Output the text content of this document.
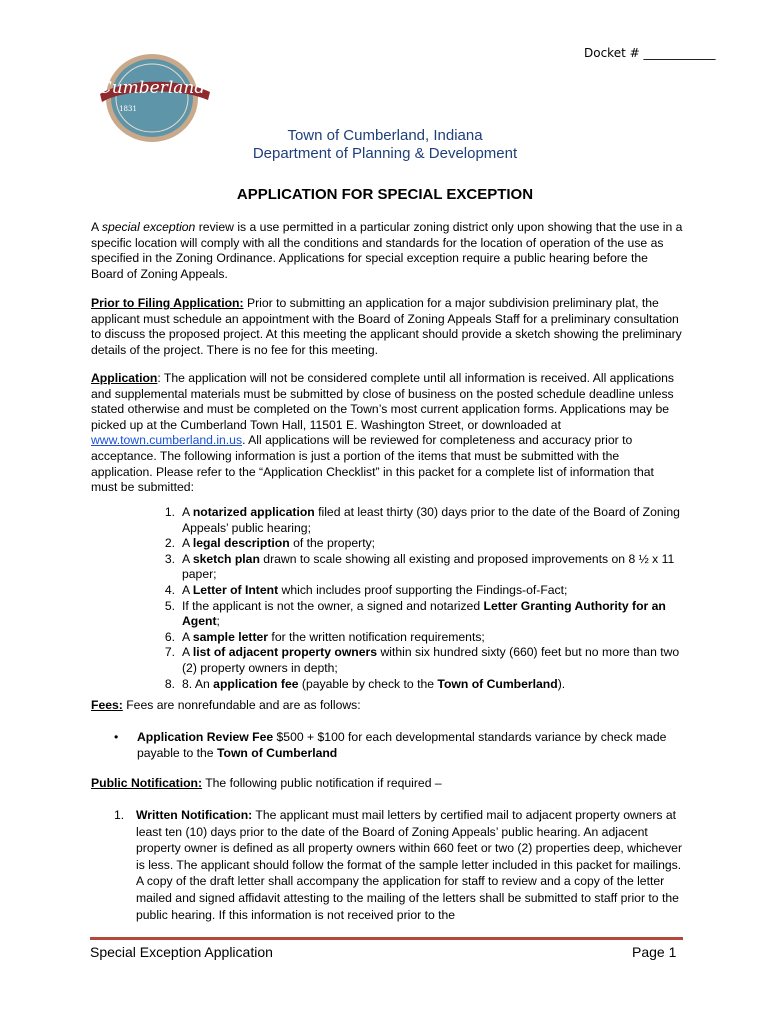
Docket # ____________
Cumberland
1831
Town of Cumberland, Indiana
Department of Planning & Development
APPLICATION FOR SPECIAL EXCEPTION
A special exception review is a use permitted in a particular zoning district only upon showing that the use in a specific location will comply with all the conditions and standards for the location of operation of the use as specified in the Zoning Ordinance. Applications for special exception require a public hearing before the Board of Zoning Appeals.
Prior to Filing Application: Prior to submitting an application for a major subdivision preliminary plat, the applicant must schedule an appointment with the Board of Zoning Appeals Staff for a preliminary consultation to discuss the proposed project. At this meeting the applicant should provide a sketch showing the preliminary details of the project. There is no fee for this meeting.
Application: The application will not be considered complete until all information is received. All applications and supplemental materials must be submitted by close of business on the posted schedule deadline unless stated otherwise and must be completed on the Town’s most current application forms. Applications may be picked up at the Cumberland Town Hall, 11501 E. Washington Street, or downloaded at www.town.cumberland.in.us. All applications will be reviewed for completeness and accuracy prior to acceptance. The following information is just a portion of the items that must be submitted with the application. Please refer to the “Application Checklist” in this packet for a complete list of information that must be submitted:
1. A notarized application filed at least thirty (30) days prior to the date of the Board of Zoning Appeals’ public hearing;
2. A legal description of the property;
3. A sketch plan drawn to scale showing all existing and proposed improvements on 8 ½ x 11 paper;
4. A Letter of Intent which includes proof supporting the Findings-of-Fact;
5. If the applicant is not the owner, a signed and notarized Letter Granting Authority for an Agent;
6. A sample letter for the written notification requirements;
7. A list of adjacent property owners within six hundred sixty (660) feet but no more than two (2) property owners in depth;
8. 8. An application fee (payable by check to the Town of Cumberland).
Fees: Fees are nonrefundable and are as follows:
•	Application Review Fee $500 + $100 for each developmental standards variance by check made payable to the Town of Cumberland
Public Notification: The following public notification if required –
1. Written Notification: The applicant must mail letters by certified mail to adjacent property owners at least ten (10) days prior to the date of the Board of Zoning Appeals’ public hearing. An adjacent property owner is defined as all property owners within 660 feet or two (2) properties deep, whichever is less. The applicant should follow the format of the sample letter included in this packet for mailings. A copy of the draft letter shall accompany the application for staff to review and a copy of the letter mailed and signed affidavit attesting to the mailing of the letters shall be submitted to staff prior to the public hearing. If this information is not received prior to the
Special Exception Application	Page 1
